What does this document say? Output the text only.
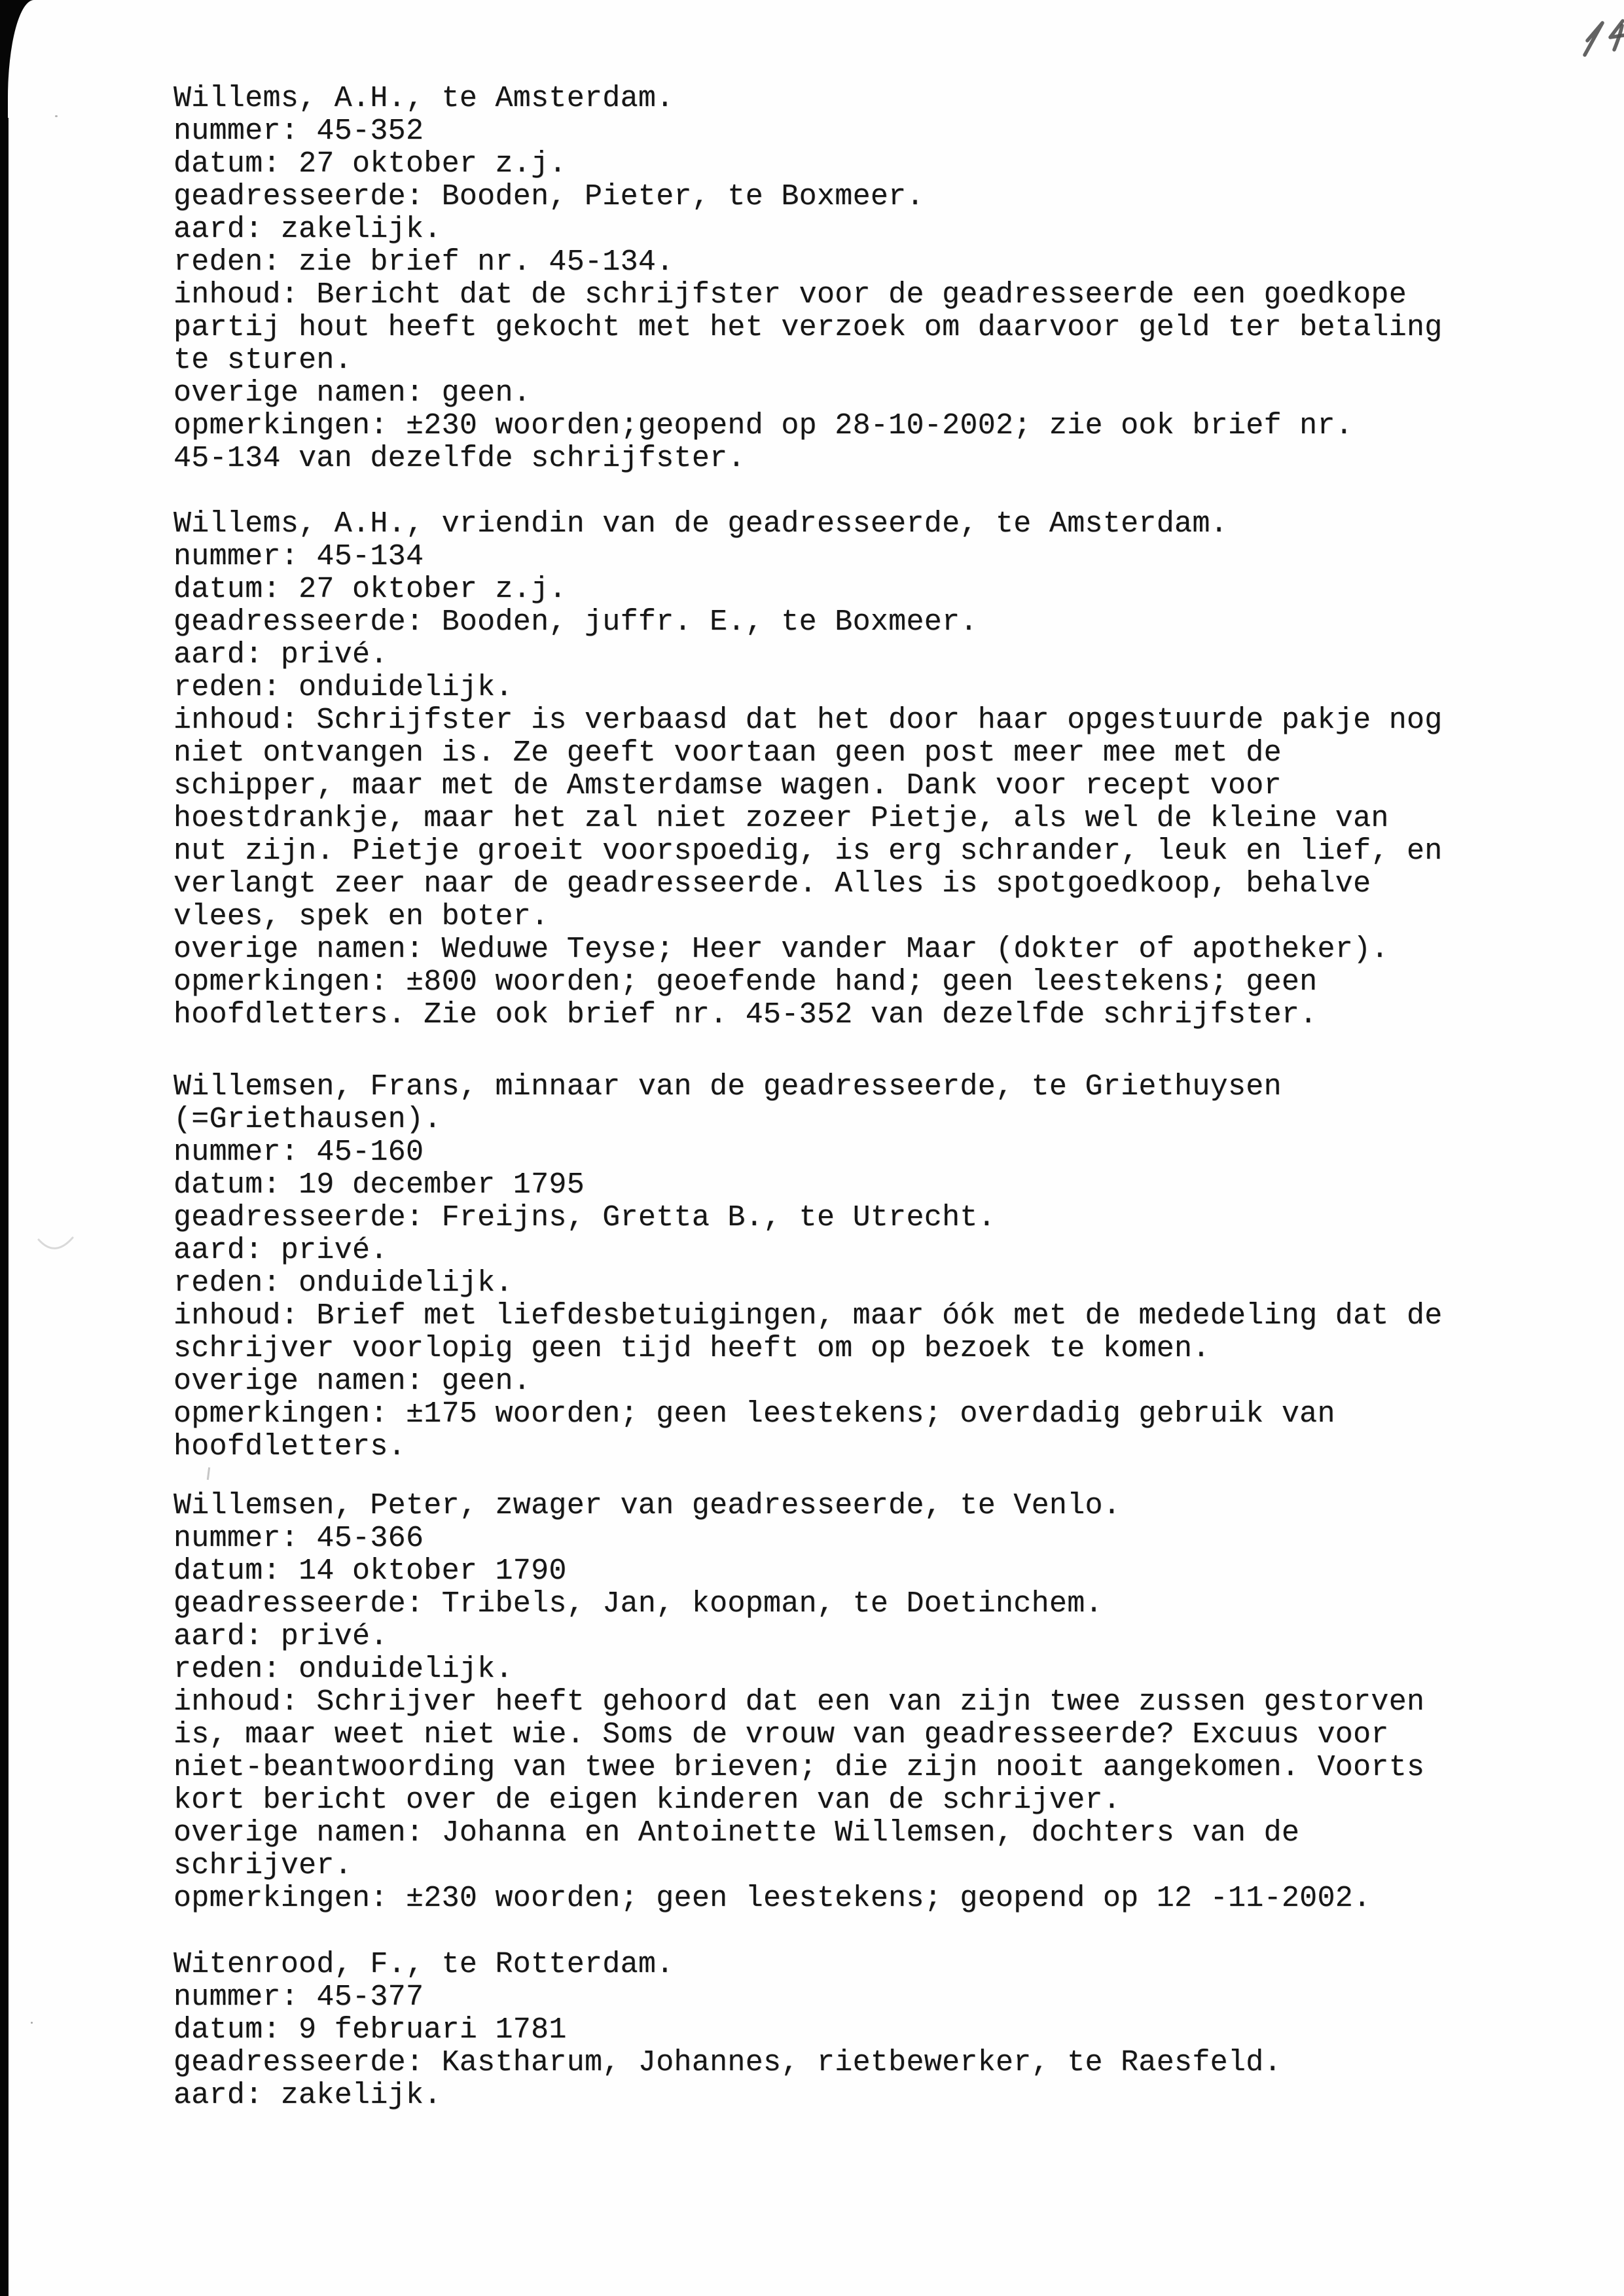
Willems, A.H., te Amsterdam.
nummer: 45-352
datum: 27 oktober z.j.
geadresseerde: Booden, Pieter, te Boxmeer.
aard: zakelijk.
reden: zie brief nr. 45-134.
inhoud: Bericht dat de schrijfster voor de geadresseerde een goedkope
partij hout heeft gekocht met het verzoek om daarvoor geld ter betaling
te sturen.
overige namen: geen.
opmerkingen: ±230 woorden;geopend op 28-10-2002; zie ook brief nr.
45-134 van dezelfde schrijfster.
Willems, A.H., vriendin van de geadresseerde, te Amsterdam.
nummer: 45-134
datum: 27 oktober z.j.
geadresseerde: Booden, juffr. E., te Boxmeer.
aard: privé.
reden: onduidelijk.
inhoud: Schrijfster is verbaasd dat het door haar opgestuurde pakje nog
niet ontvangen is. Ze geeft voortaan geen post meer mee met de
schipper, maar met de Amsterdamse wagen. Dank voor recept voor
hoestdrankje, maar het zal niet zozeer Pietje, als wel de kleine van
nut zijn. Pietje groeit voorspoedig, is erg schrander, leuk en lief, en
verlangt zeer naar de geadresseerde. Alles is spotgoedkoop, behalve
vlees, spek en boter.
overige namen: Weduwe Teyse; Heer vander Maar (dokter of apotheker).
opmerkingen: ±800 woorden; geoefende hand; geen leestekens; geen
hoofdletters. Zie ook brief nr. 45-352 van dezelfde schrijfster.
Willemsen, Frans, minnaar van de geadresseerde, te Griethuysen
(=Griethausen).
nummer: 45-160
datum: 19 december 1795
geadresseerde: Freijns, Gretta B., te Utrecht.
aard: privé.
reden: onduidelijk.
inhoud: Brief met liefdesbetuigingen, maar óók met de mededeling dat de
schrijver voorlopig geen tijd heeft om op bezoek te komen.
overige namen: geen.
opmerkingen: ±175 woorden; geen leestekens; overdadig gebruik van
hoofdletters.
Willemsen, Peter, zwager van geadresseerde, te Venlo.
nummer: 45-366
datum: 14 oktober 1790
geadresseerde: Tribels, Jan, koopman, te Doetinchem.
aard: privé.
reden: onduidelijk.
inhoud: Schrijver heeft gehoord dat een van zijn twee zussen gestorven
is, maar weet niet wie. Soms de vrouw van geadresseerde? Excuus voor
niet-beantwoording van twee brieven; die zijn nooit aangekomen. Voorts
kort bericht over de eigen kinderen van de schrijver.
overige namen: Johanna en Antoinette Willemsen, dochters van de
schrijver.
opmerkingen: ±230 woorden; geen leestekens; geopend op 12 -11-2002.
Witenrood, F., te Rotterdam.
nummer: 45-377
datum: 9 februari 1781
geadresseerde: Kastharum, Johannes, rietbewerker, te Raesfeld.
aard: zakelijk.
